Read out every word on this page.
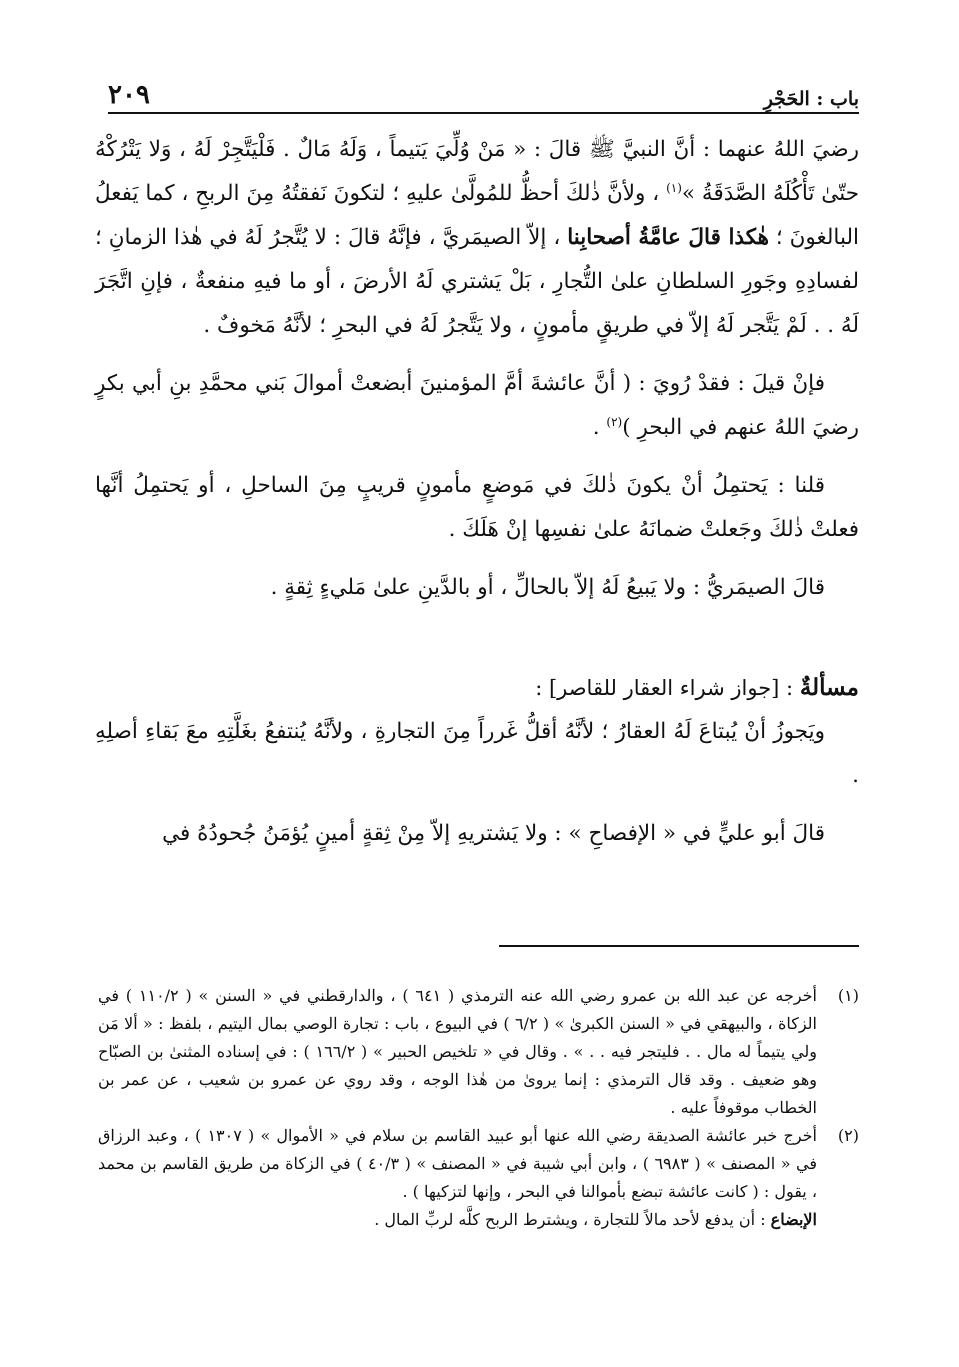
باب : الحَجْرِ
٢٠٩

رضيَ اللهُ عنهما : أنَّ النبيَّ ﷺ قالَ : « مَنْ وُلِّيَ يَتيماً ، وَلَهُ مَالٌ . فَلْيَتَّجِرْ لَهُ ، وَلا يَتْرُكْهُ حتّىٰ تَأْكُلَهُ الصَّدَقَةُ »$^{(١)}$ ، ولأنَّ ذٰلكَ أحظُّ للمُولَّىٰ عليهِ ؛ لتكونَ نَفقتُهُ مِنَ الربحِ ، كما يَفعلُ البالغونَ ؛ هٰكذا قالَ عامَّةُ أصحابِنا ، إلاّ الصيمَريَّ ، فإنَّهُ قالَ : لا يُتَّجرُ لَهُ في هٰذا الزمانِ ؛ لفسادِهِ وجَورِ السلطانِ علىٰ التُّجارِ ، بَلْ يَشتري لَهُ الأرضَ ، أو ما فيهِ منفعةٌ ، فإنِ اتَّجَرَ لَهُ . . لَمْ يَتَّجر لَهُ إلاّ في طريقٍ مأمونٍ ، ولا يَتَّجرُ لَهُ في البحرِ ؛ لأنَّهُ مَخوفٌ .

فإنْ قيلَ : فقدْ رُويَ : ( أنَّ عائشةَ أمَّ المؤمنينَ أبضعتْ أموالَ بَني محمَّدِ بنِ أبي بكرٍ رضيَ اللهُ عنهم في البحرِ )$^{(٢)}$ .

قلنا : يَحتمِلُ أنْ يكونَ ذٰلكَ في مَوضعٍ مأمونٍ قريبٍ مِنَ الساحلِ ، أو يَحتمِلُ أنَّها فعلتْ ذٰلكَ وجَعلتْ ضمانَهُ علىٰ نفسِها إنْ هَلَكَ .

قالَ الصيمَريُّ : ولا يَبيعُ لَهُ إلاّ بالحالِّ ، أو بالدَّينِ علىٰ مَليءٍ ثِقةٍ .

مسألةٌ : [جواز شراء العقار للقاصر] :

ويَجوزُ أنْ يُبتاعَ لَهُ العقارُ ؛ لأنَّهُ أقلُّ غَرراً مِنَ التجارةِ ، ولأنَّهُ يُنتفعُ بغَلَّتِهِ معَ بَقاءِ أصلِهِ .

قالَ أبو عليٍّ في « الإفصاحِ » : ولا يَشتريهِ إلاّ مِنْ ثِقةٍ أمينٍ يُؤمَنُ جُحودُهُ في

(١)
أخرجه عن عبد الله بن عمرو رضي الله عنه الترمذي ( ٦٤١ ) ، والدارقطني في « السنن » ( ١١٠/٢ ) في الزكاة ، والبيهقي في « السنن الكبرىٰ » ( ٦/٢ ) في البيوع ، باب : تجارة الوصي بمال اليتيم ، بلفظ : « ألا مَن ولي يتيماً له مال . . فليتجر فيه . . » . وقال في « تلخيص الحبير » ( ١٦٦/٢ ) : في إسناده المثنىٰ بن الصبّاح وهو ضعيف . وقد قال الترمذي : إنما يروىٰ من هٰذا الوجه ، وقد روي عن عمرو بن شعيب ، عن عمر بن الخطاب موقوفاً عليه .
(٢)
أخرج خبر عائشة الصديقة رضي الله عنها أبو عبيد القاسم بن سلام في « الأموال » ( ١٣٠٧ ) ، وعبد الرزاق في « المصنف » ( ٦٩٨٣ ) ، وابن أبي شيبة في « المصنف » ( ٤٠/٣ ) في الزكاة من طريق القاسم بن محمد ، يقول : ( كانت عائشة تبضع بأموالنا في البحر ، وإنها لتزكيها ) .
الإبضاع : أن يدفع لأحد مالاً للتجارة ، ويشترط الربح كلَّه لربِّ المال .
